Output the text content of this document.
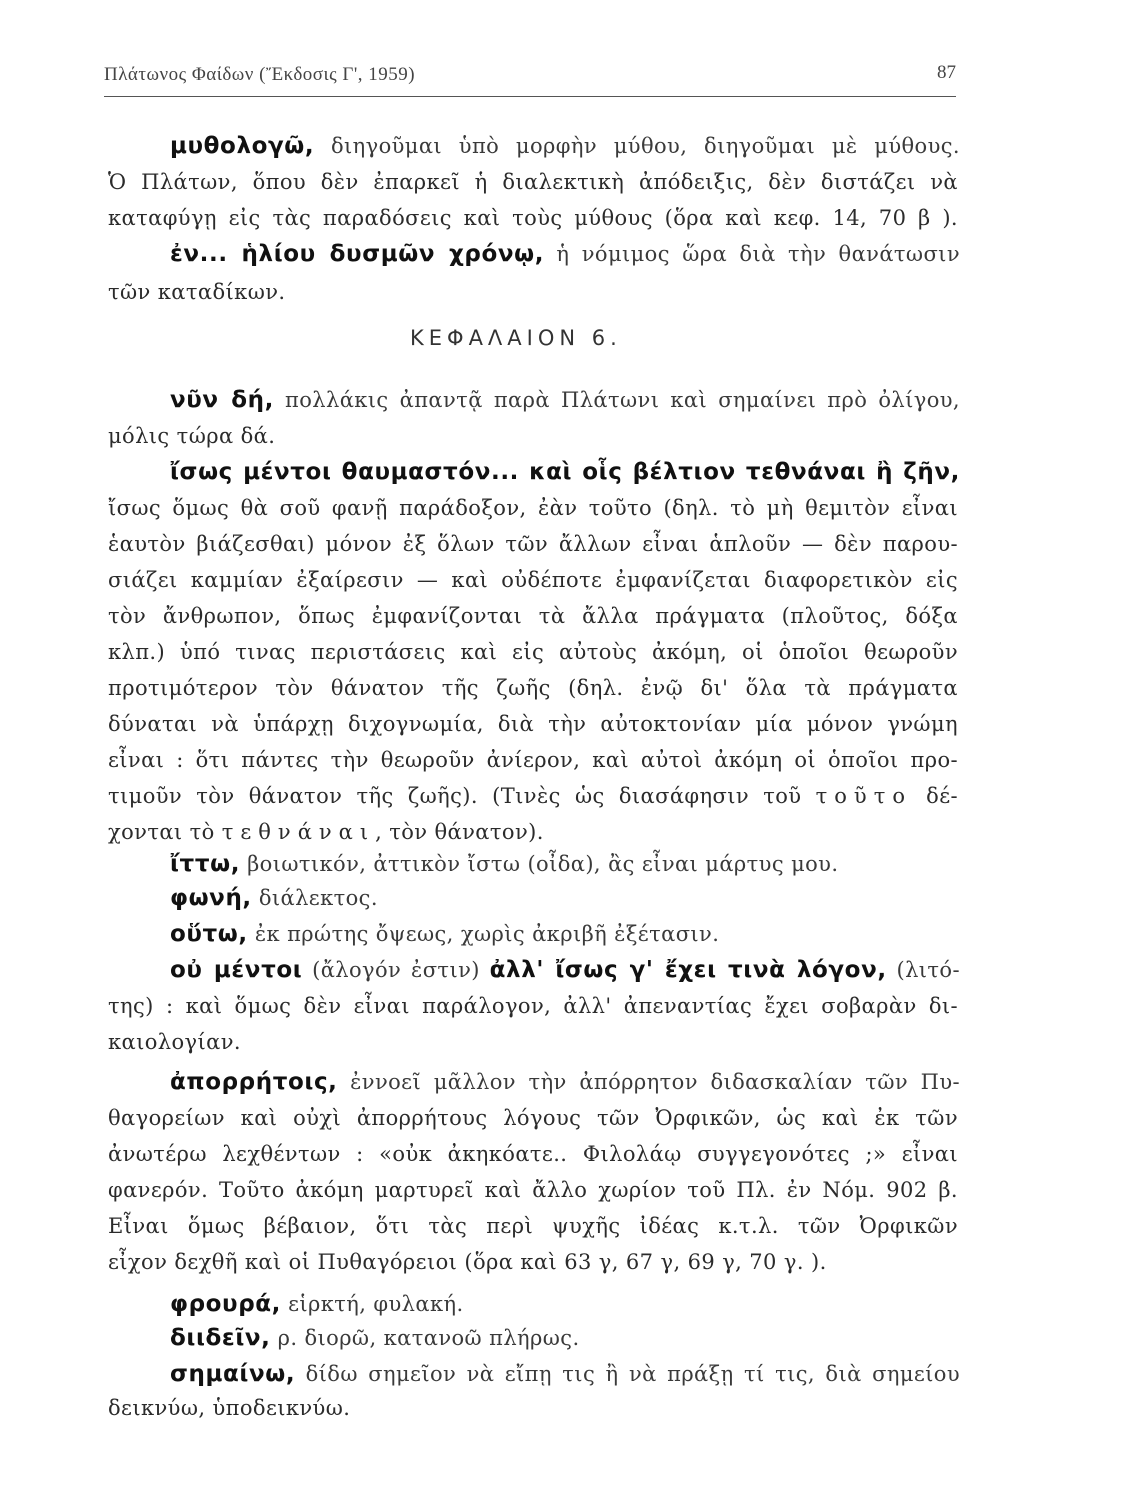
Πλάτωνος Φαίδων (Ἔκδοσις Γ', 1959)	87
μυθολογῶ, διηγοῦμαι ὑπὸ μορφὴν μύθου, διηγοῦμαι μὲ μύθους.
Ὁ Πλάτων, ὅπου δὲν ἐπαρκεῖ ἡ διαλεκτικὴ ἀπόδειξις, δὲν διστάζει νὰ
καταφύγῃ εἰς τὰς παραδόσεις καὶ τοὺς μύθους (ὅρα καὶ κεφ. 14, 70 β ).
ἐν... ἡλίου δυσμῶν χρόνῳ, ἡ νόμιμος ὥρα διὰ τὴν θανάτωσιν
τῶν καταδίκων.
ΚΕΦΑΛΑΙΟΝ 6.
νῦν δή, πολλάκις ἀπαντᾷ παρὰ Πλάτωνι καὶ σημαίνει πρὸ ὀλίγου,
μόλις τώρα δά.
ἴσως μέντοι θαυμαστόν... καὶ οἷς βέλτιον τεθνάναι ἢ ζῆν,
ἴσως ὅμως θὰ σοῦ φανῇ παράδοξον, ἐὰν τοῦτο (δηλ. τὸ μὴ θεμιτὸν εἶναι
ἑαυτὸν βιάζεσθαι) μόνον ἐξ ὅλων τῶν ἄλλων εἶναι ἁπλοῦν — δὲν παρου-
σιάζει καμμίαν ἐξαίρεσιν — καὶ οὐδέποτε ἐμφανίζεται διαφορετικὸν εἰς
τὸν ἄνθρωπον, ὅπως ἐμφανίζονται τὰ ἄλλα πράγματα (πλοῦτος, δόξα
κλπ.) ὑπό τινας περιστάσεις καὶ εἰς αὐτοὺς ἀκόμη, οἱ ὁποῖοι θεωροῦν
προτιμότερον τὸν θάνατον τῆς ζωῆς (δηλ. ἐνῷ δι' ὅλα τὰ πράγματα
δύναται νὰ ὑπάρχῃ διχογνωμία, διὰ τὴν αὐτοκτονίαν μία μόνον γνώμη
εἶναι : ὅτι πάντες τὴν θεωροῦν ἀνίερον, καὶ αὐτοὶ ἀκόμη οἱ ὁποῖοι προ-
τιμοῦν τὸν θάνατον τῆς ζωῆς). (Τινὲς ὡς διασάφησιν τοῦ τοῦτο δέ-
χονται τὸ τεθνάναι, τὸν θάνατον).
ἴττω, βοιωτικόν, ἀττικὸν ἴστω (οἶδα), ἂς εἶναι μάρτυς μου.
φωνή, διάλεκτος.
οὕτω, ἐκ πρώτης ὄψεως, χωρὶς ἀκριβῆ ἐξέτασιν.
οὐ μέντοι (ἄλογόν ἐστιν) ἀλλ' ἴσως γ' ἔχει τινὰ λόγον, (λιτό-
της) : καὶ ὅμως δὲν εἶναι παράλογον, ἀλλ' ἀπεναντίας ἔχει σοβαρὰν δι-
καιολογίαν.
ἀπορρήτοις, ἐννοεῖ μᾶλλον τὴν ἀπόρρητον διδασκαλίαν τῶν Πυ-
θαγορείων καὶ οὐχὶ ἀπορρήτους λόγους τῶν Ὀρφικῶν, ὡς καὶ ἐκ τῶν
ἀνωτέρω λεχθέντων : «οὐκ ἀκηκόατε.. Φιλολάῳ συγγεγονότες ;» εἶναι
φανερόν. Τοῦτο ἀκόμη μαρτυρεῖ καὶ ἄλλο χωρίον τοῦ Πλ. ἐν Νόμ. 902 β.
Εἶναι ὅμως βέβαιον, ὅτι τὰς περὶ ψυχῆς ἰδέας κ.τ.λ. τῶν Ὀρφικῶν
εἶχον δεχθῆ καὶ οἱ Πυθαγόρειοι (ὅρα καὶ 63 γ, 67 γ, 69 γ, 70 γ. ).
φρουρά, εἱρκτή, φυλακή.
διιδεῖν, ρ. διορῶ, κατανοῶ πλήρως.
σημαίνω, δίδω σημεῖον νὰ εἴπῃ τις ἢ νὰ πράξῃ τί τις, διὰ σημείου
δεικνύω, ὑποδεικνύω.
